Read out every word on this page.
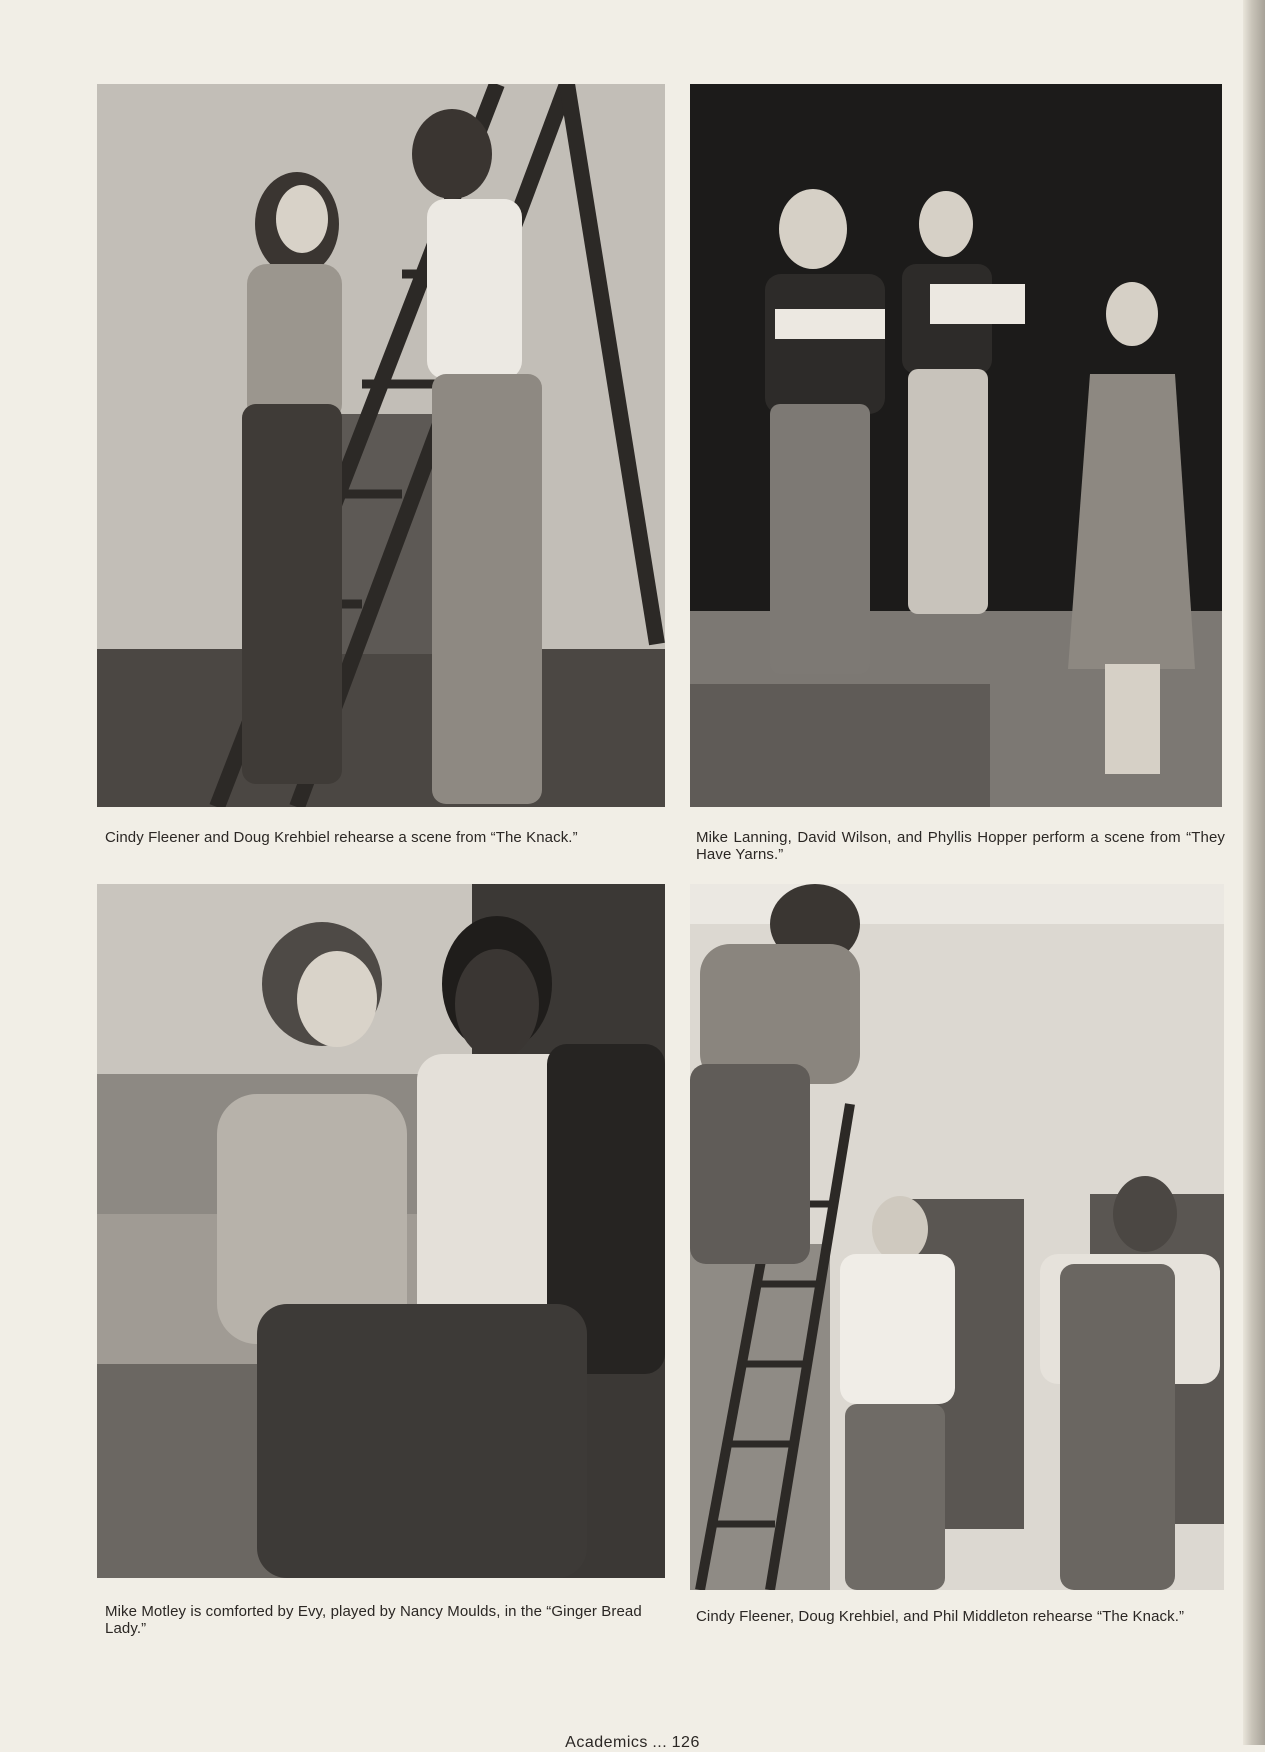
Cindy Fleener and Doug Krehbiel rehearse a scene from “The Knack.”	Mike Lanning, David Wilson, and Phyllis Hopper perform a scene from “They Have Yarns.”
Mike Motley is comforted by Evy, played by Nancy Moulds, in the “Ginger Bread Lady.”
Cindy Fleener, Doug Krehbiel, and Phil Middleton rehearse “The Knack.”
Academics ... 126
